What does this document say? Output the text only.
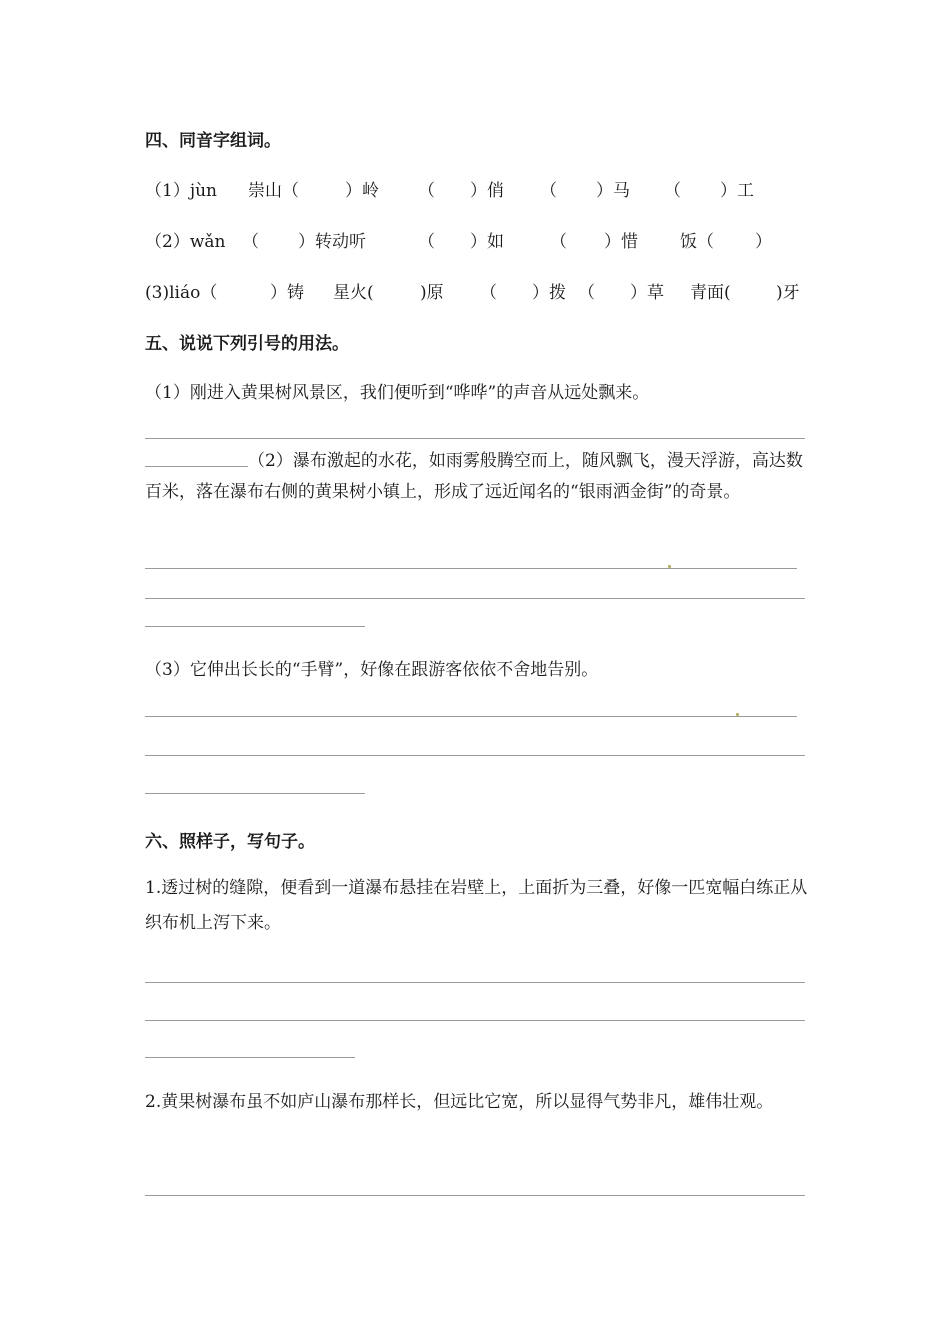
四、同音字组词。
（1）jùn 崇山（	）岭 （ ）俏 （ ）马 （ ）工
（2）wǎn （ ）转动听	（ ）如	（ ）惜 饭（ ）
(3)liáo（	）铸 星火(	)原 （ ）拨 （ ）草 青面(	)牙
五、说说下列引号的用法。
（1）刚进入黄果树风景区，我们便听到“哗哗”的声音从远处飘来。
（2）瀑布激起的水花，如雨雾般腾空而上，随风飘飞，漫天浮游，高达数百米，落在瀑布右侧的黄果树小镇上，形成了远近闻名的“银雨洒金街”的奇景。
（3）它伸出长长的“手臂”，好像在跟游客依依不舍地告别。
六、照样子，写句子。
1.透过树的缝隙，便看到一道瀑布悬挂在岩壁上，上面折为三叠，好像一匹宽幅白练正从织布机上泻下来。
2.黄果树瀑布虽不如庐山瀑布那样长，但远比它宽，所以显得气势非凡，雄伟壮观。
